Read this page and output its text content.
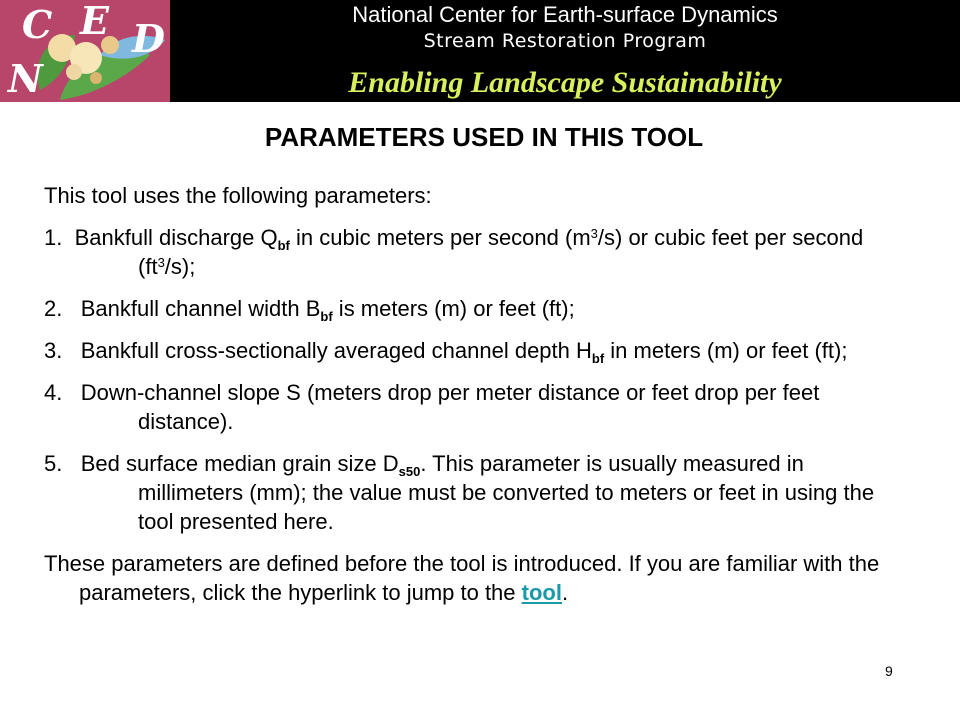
C E D
N
National Center for Earth-surface Dynamics
Stream Restoration Program
Enabling Landscape Sustainability
PARAMETERS USED IN THIS TOOL

This tool uses the following parameters:

1. Bankfull discharge $Q_{bf}$ in cubic meters per second $(m^3/s)$ or cubic feet per second $(ft^3/s)$;

2. Bankfull channel width $B_{bf}$ is meters (m) or feet (ft);

3. Bankfull cross-sectionally averaged channel depth $H_{bf}$ in meters (m) or feet (ft);

4. Down-channel slope S (meters drop per meter distance or feet drop per feet distance).

5. Bed surface median grain size $D_{s50}$. This parameter is usually measured in millimeters (mm); the value must be converted to meters or feet in using the tool presented here.

These parameters are defined before the tool is introduced. If you are familiar with the parameters, click the hyperlink to jump to the tool.

9
